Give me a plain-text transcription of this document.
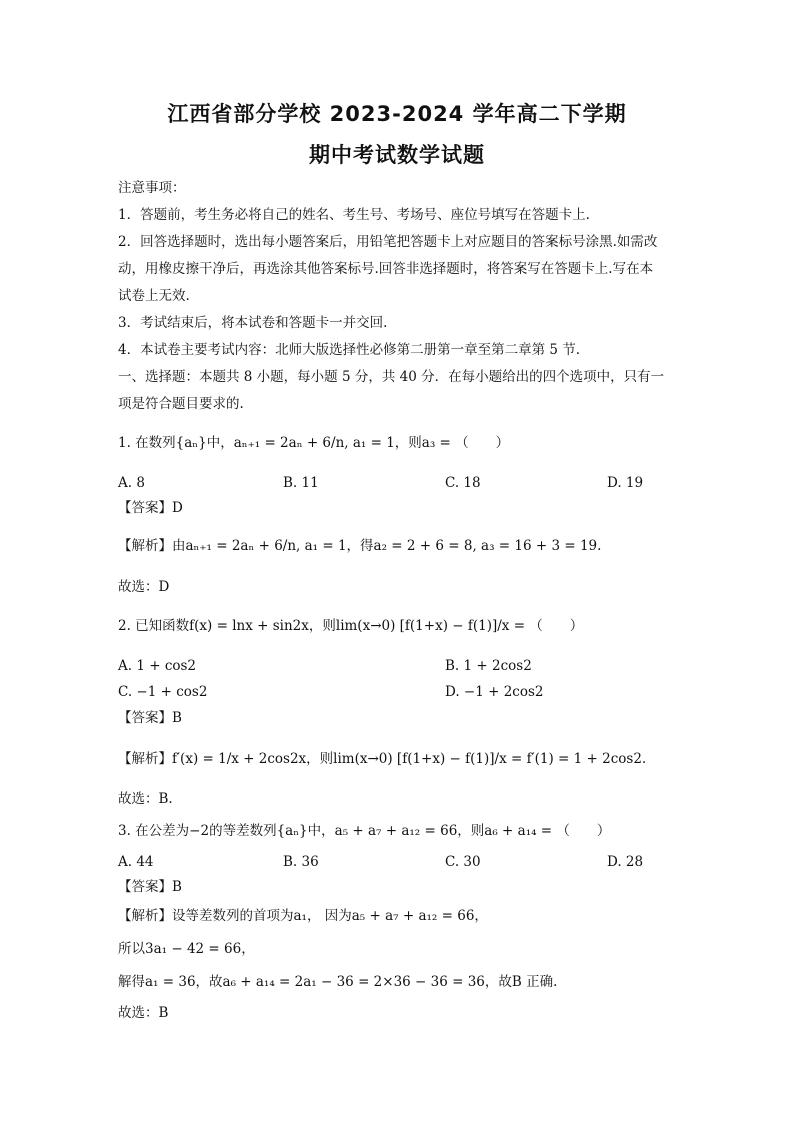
江西省部分学校 2023-2024 学年高二下学期
期中考试数学试题
注意事项：
1．答题前，考生务必将自己的姓名、考生号、考场号、座位号填写在答题卡上.
2．回答选择题时，选出每小题答案后，用铅笔把答题卡上对应题目的答案标号涂黑.如需改
动，用橡皮擦干净后，再选涂其他答案标号.回答非选择题时，将答案写在答题卡上.写在本
试卷上无效.
3．考试结束后，将本试卷和答题卡一并交回.
4．本试卷主要考试内容：北师大版选择性必修第二册第一章至第二章第 5 节.
一、选择题：本题共 8 小题，每小题 5 分，共 40 分．在每小题给出的四个选项中，只有一
项是符合题目要求的.
1. 在数列{aₙ}中，aₙ₊₁ = 2aₙ + 6/n, a₁ = 1，则a₃ = （　　）
A. 8	B. 11	C. 18	D. 19
【答案】D
【解析】由aₙ₊₁ = 2aₙ + 6/n, a₁ = 1，得a₂ = 2 + 6 = 8, a₃ = 16 + 3 = 19.
故选：D
2. 已知函数f(x) = lnx + sin2x，则lim(x→0) [f(1+x) − f(1)]/x = （　　）
A. 1 + cos2	B. 1 + 2cos2
C. −1 + cos2	D. −1 + 2cos2
【答案】B
【解析】f′(x) = 1/x + 2cos2x，则lim(x→0) [f(1+x) − f(1)]/x = f′(1) = 1 + 2cos2.
故选：B.
3. 在公差为−2的等差数列{aₙ}中，a₅ + a₇ + a₁₂ = 66，则a₆ + a₁₄ = （　　）
A. 44	B. 36	C. 30	D. 28
【答案】B
【解析】设等差数列的首项为a₁， 因为a₅ + a₇ + a₁₂ = 66，
所以3a₁ − 42 = 66，
解得a₁ = 36，故a₆ + a₁₄ = 2a₁ − 36 = 2×36 − 36 = 36，故B 正确.
故选：B
